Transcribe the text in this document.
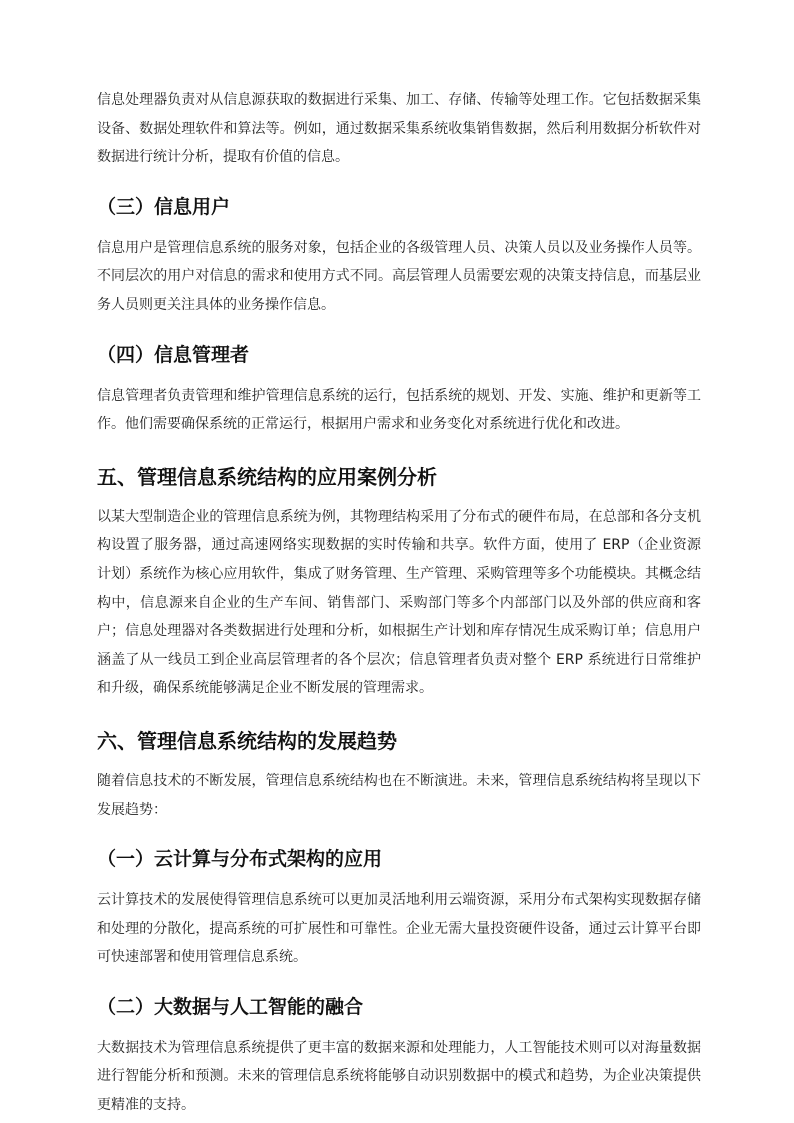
信息处理器负责对从信息源获取的数据进行采集、加工、存储、传输等处理工作。它包括数据采集设备、数据处理软件和算法等。例如，通过数据采集系统收集销售数据，然后利用数据分析软件对数据进行统计分析，提取有价值的信息。

（三）信息用户

信息用户是管理信息系统的服务对象，包括企业的各级管理人员、决策人员以及业务操作人员等。不同层次的用户对信息的需求和使用方式不同。高层管理人员需要宏观的决策支持信息，而基层业务人员则更关注具体的业务操作信息。

（四）信息管理者

信息管理者负责管理和维护管理信息系统的运行，包括系统的规划、开发、实施、维护和更新等工作。他们需要确保系统的正常运行，根据用户需求和业务变化对系统进行优化和改进。

五、管理信息系统结构的应用案例分析

以某大型制造企业的管理信息系统为例，其物理结构采用了分布式的硬件布局，在总部和各分支机构设置了服务器，通过高速网络实现数据的实时传输和共享。软件方面，使用了 ERP（企业资源计划）系统作为核心应用软件，集成了财务管理、生产管理、采购管理等多个功能模块。其概念结构中，信息源来自企业的生产车间、销售部门、采购部门等多个内部部门以及外部的供应商和客户；信息处理器对各类数据进行处理和分析，如根据生产计划和库存情况生成采购订单；信息用户涵盖了从一线员工到企业高层管理者的各个层次；信息管理者负责对整个 ERP 系统进行日常维护和升级，确保系统能够满足企业不断发展的管理需求。

六、管理信息系统结构的发展趋势

随着信息技术的不断发展，管理信息系统结构也在不断演进。未来，管理信息系统结构将呈现以下发展趋势：

（一）云计算与分布式架构的应用

云计算技术的发展使得管理信息系统可以更加灵活地利用云端资源，采用分布式架构实现数据存储和处理的分散化，提高系统的可扩展性和可靠性。企业无需大量投资硬件设备，通过云计算平台即可快速部署和使用管理信息系统。

（二）大数据与人工智能的融合

大数据技术为管理信息系统提供了更丰富的数据来源和处理能力，人工智能技术则可以对海量数据进行智能分析和预测。未来的管理信息系统将能够自动识别数据中的模式和趋势，为企业决策提供更精准的支持。
